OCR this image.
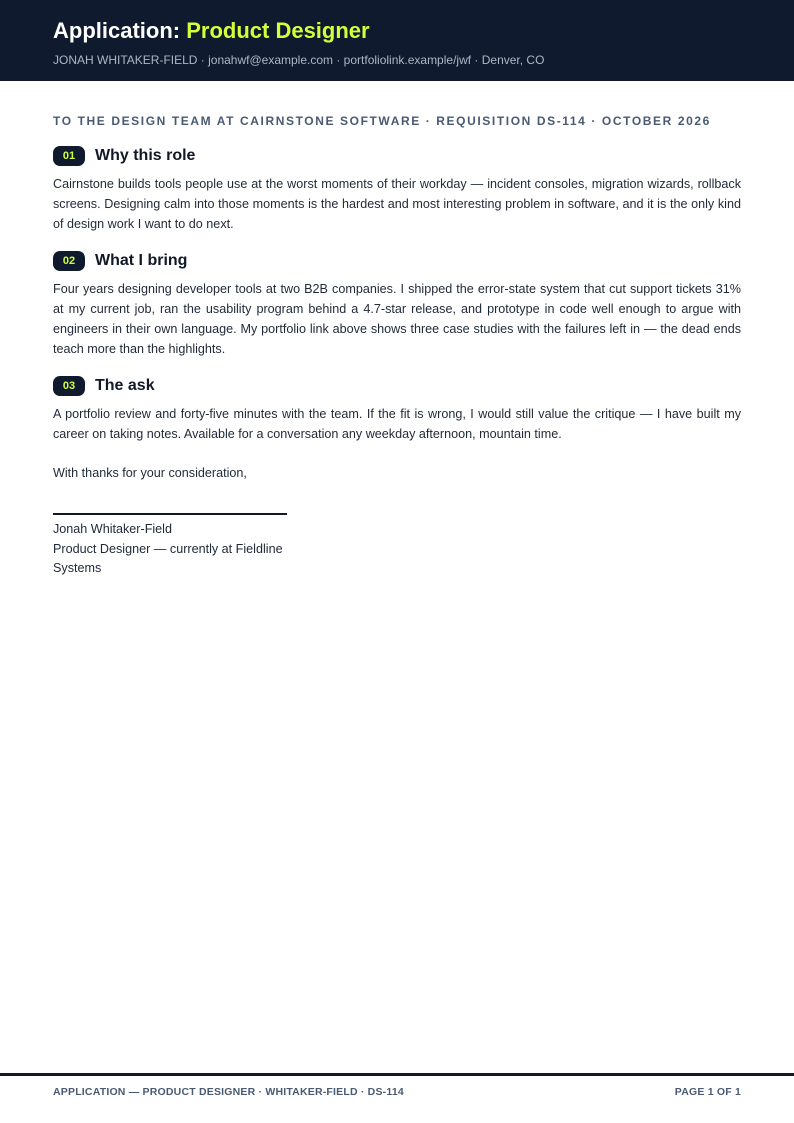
Application: Product Designer
JONAH WHITAKER-FIELD · jonahwf@example.com · portfoliolink.example/jwf · Denver, CO
TO THE DESIGN TEAM AT CAIRNSTONE SOFTWARE · REQUISITION DS-114 · OCTOBER 2026
01	Why this role
Cairnstone builds tools people use at the worst moments of their workday — incident consoles, migration wizards, rollback screens. Designing calm into those moments is the hardest and most interesting problem in software, and it is the only kind of design work I want to do next.
02	What I bring
Four years designing developer tools at two B2B companies. I shipped the error-state system that cut support tickets 31% at my current job, ran the usability program behind a 4.7-star release, and prototype in code well enough to argue with engineers in their own language. My portfolio link above shows three case studies with the failures left in — the dead ends teach more than the highlights.
03	The ask
A portfolio review and forty-five minutes with the team. If the fit is wrong, I would still value the critique — I have built my career on taking notes. Available for a conversation any weekday afternoon, mountain time.
With thanks for your consideration,
Jonah Whitaker-Field
Product Designer — currently at Fieldline Systems
APPLICATION — PRODUCT DESIGNER · WHITAKER-FIELD · DS-114	PAGE 1 OF 1
